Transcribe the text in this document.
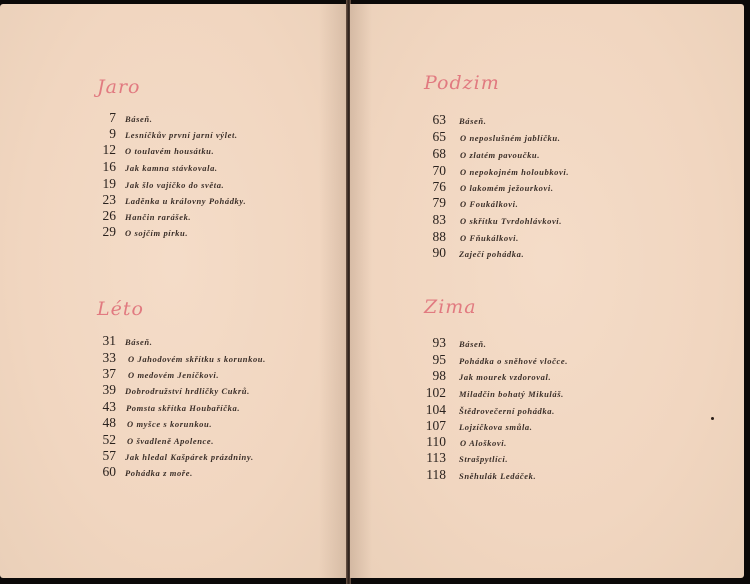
Jaro
7 Báseň.
9 Lesníčkův první jarní výlet.
12 O toulavém housátku.
16 Jak kamna stávkovala.
19 Jak šlo vajíčko do světa.
23 Laděnka u královny Pohádky.
26 Hančin rarášek.
29 O sojčím pírku.
Léto
31 Báseň.
33 O Jahodovém skřítku s korunkou.
37 O medovém Jeníčkovi.
39 Dobrodružství hrdličky Cukrů.
43 Pomsta skřítka Houbaříčka.
48 O myšce s korunkou.
52 O švadleně Apolence.
57 Jak hledal Kašpárek prázdniny.
60 Pohádka z moře.
Podzim
63 Báseň.
65 O neposlušném jablíčku.
68 O zlatém pavoučku.
70 O nepokojném holoubkovi.
76 O lakomém ježourkovi.
79 O Foukálkovi.
83 O skřítku Tvrdohlávkovi.
88 O Fňukálkovi.
90 Zaječí pohádka.
Zima
93 Báseň.
95 Pohádka o sněhové vločce.
98 Jak mourek vzdoroval.
102 Miladčin bohatý Mikuláš.
104 Štědrovečerní pohádka.
107 Lojzíčkova smůla.
110 O Aloškovi.
113 Strašpytlíci.
118 Sněhulák Ledáček.
